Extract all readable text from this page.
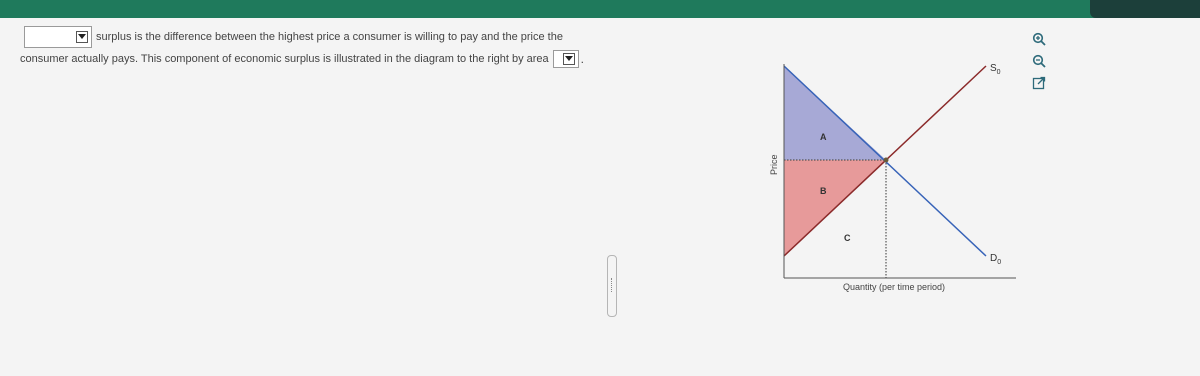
surplus is the difference between the highest price a consumer is willing to pay and the price the
consumer actually pays. This component of economic surplus is illustrated in the diagram to the right by area	.
A
B
C
$S_0$
$D_0$
Quantity (per time period)
Price
